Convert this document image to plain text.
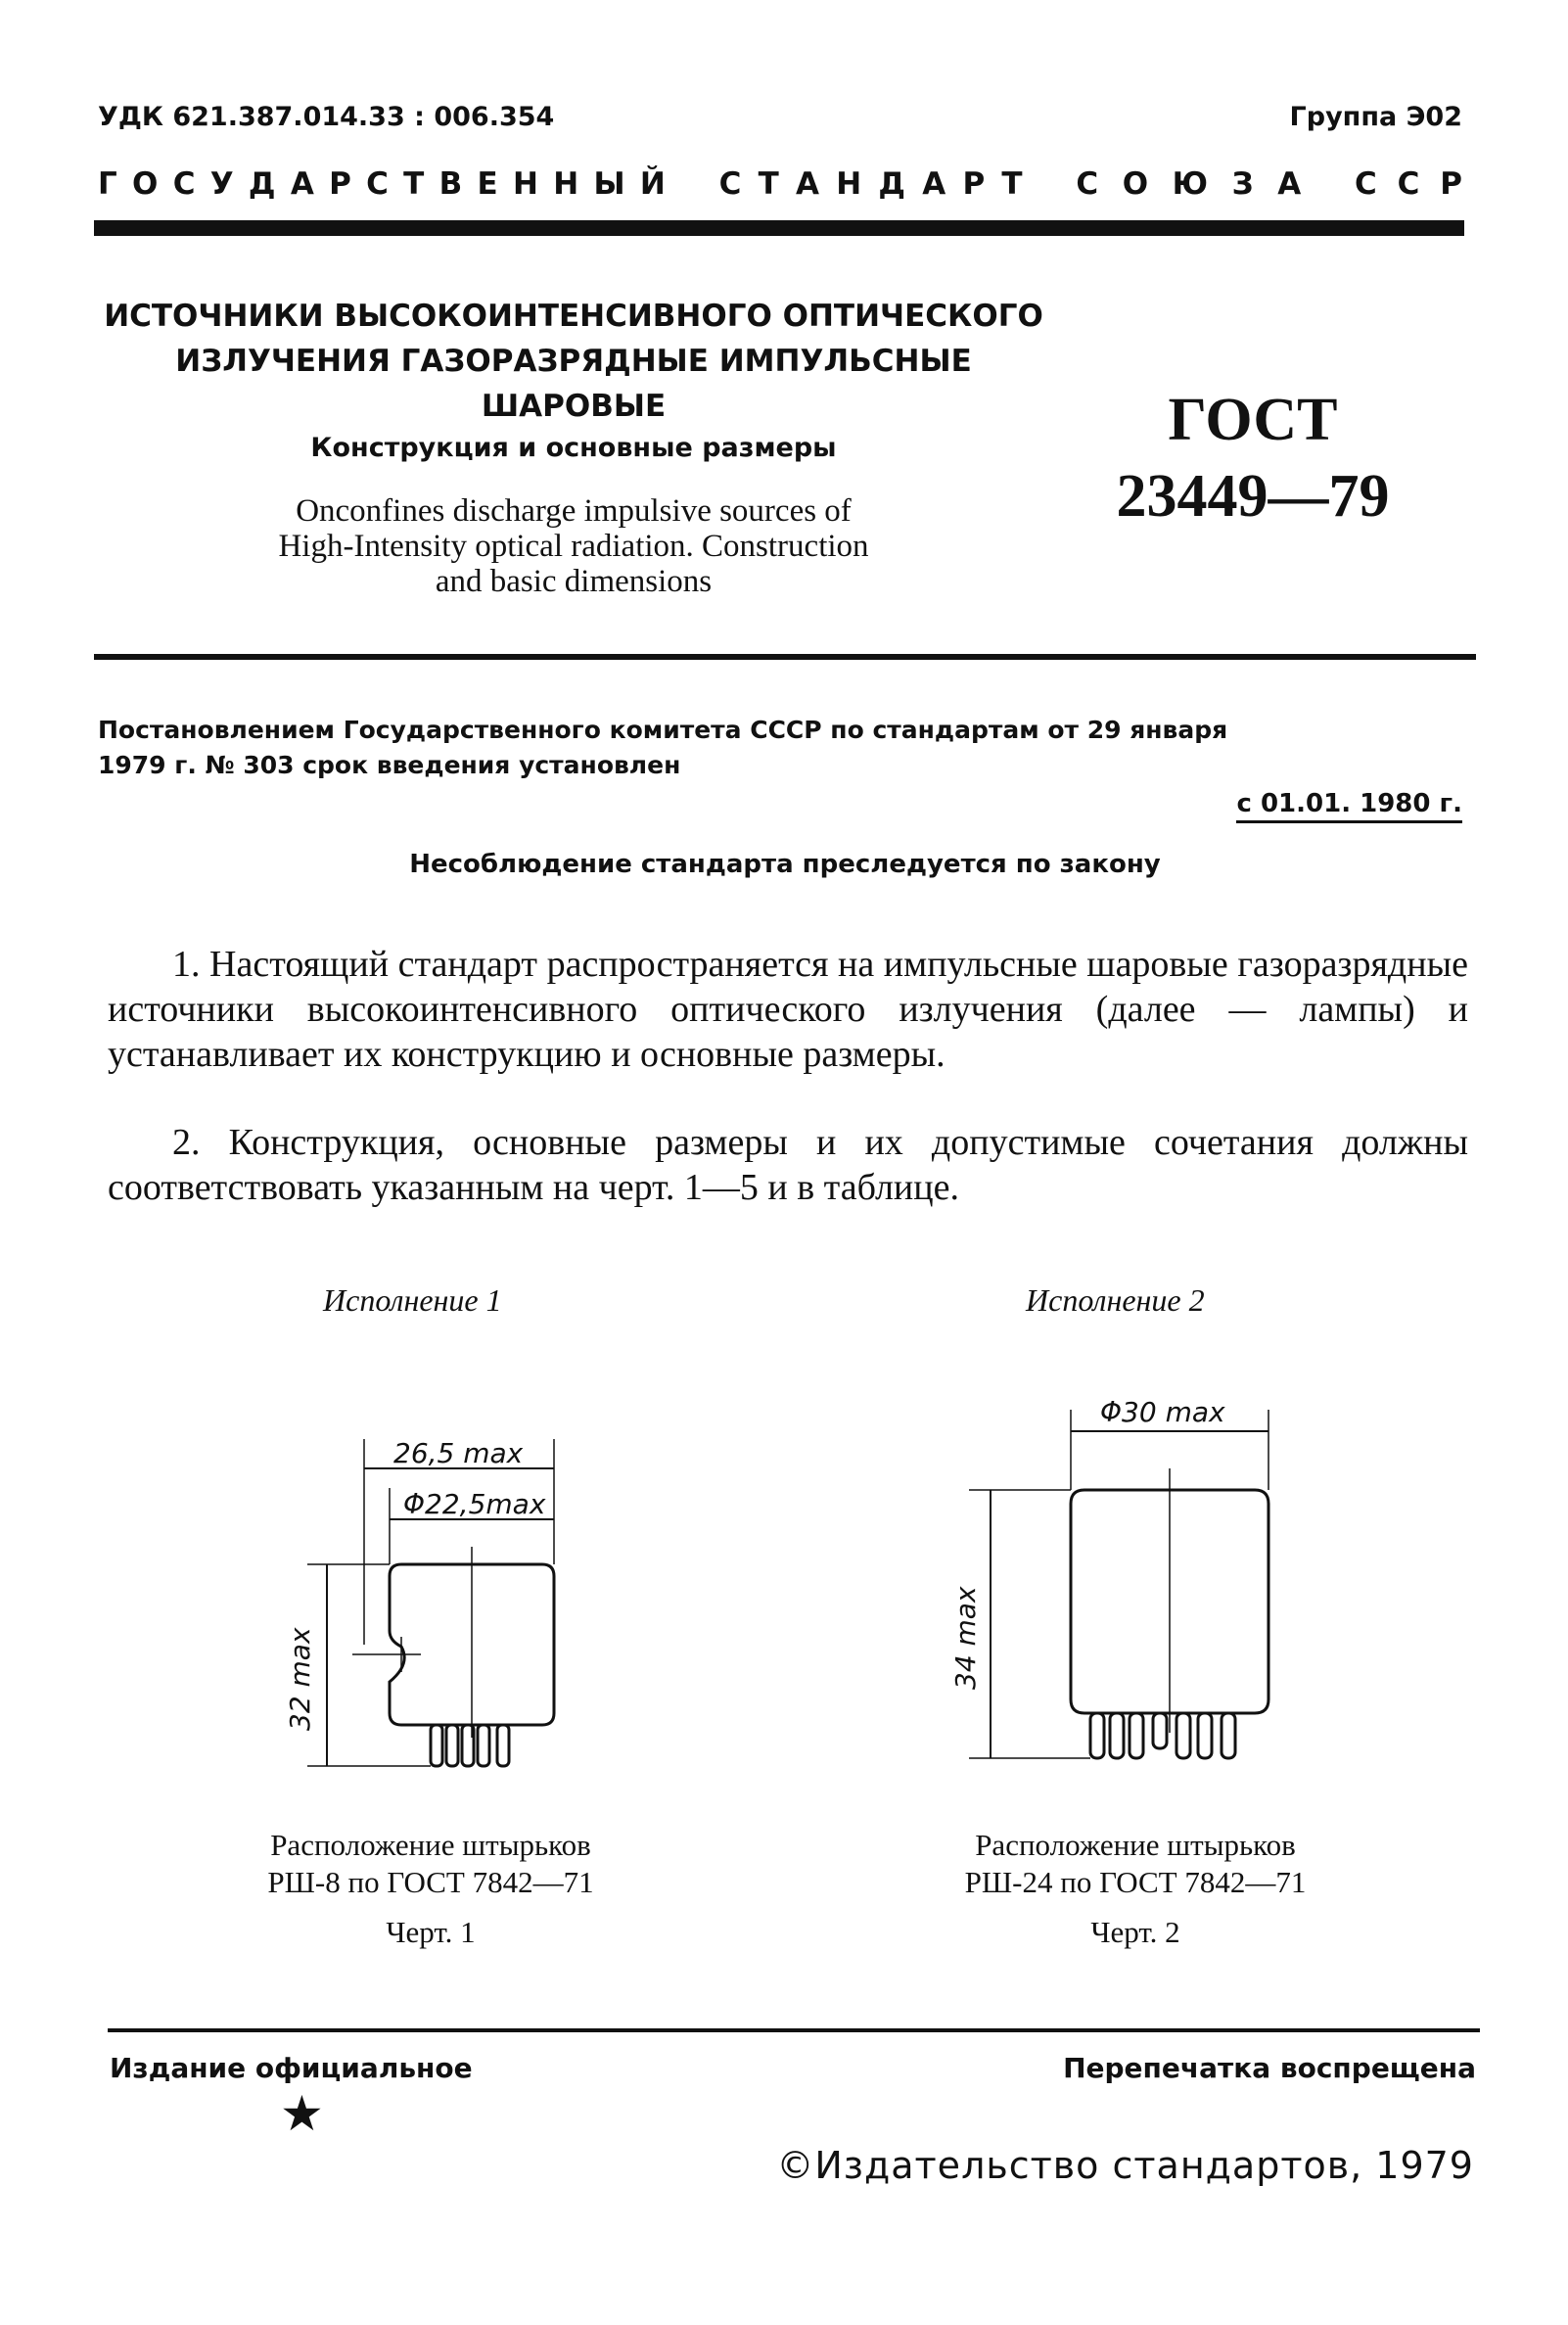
УДК 621.387.014.33 : 006.354	Группа Э02
Г О С У Д А Р С Т В Е Н Н Ы Й С Т А Н Д А Р Т С О Ю З А С С Р
ИСТОЧНИКИ ВЫСОКОИНТЕНСИВНОГО ОПТИЧЕСКОГО
ИЗЛУЧЕНИЯ ГАЗОРАЗРЯДНЫЕ ИМПУЛЬСНЫЕ
ШАРОВЫЕ
Конструкция и основные размеры
Onconfines discharge impulsive sources of
High-Intensity optical radiation. Construction
and basic dimensions
ГОСТ
23449—79
Постановлением Государственного комитета СССР по стандартам от 29 января
1979 г. № 303 срок введения установлен
с 01.01. 1980 г.
Несоблюдение стандарта преследуется по закону
1. Настоящий стандарт распространяется на импульсные шаровые газоразрядные источники высокоинтенсивного оптического излучения (далее — лампы) и устанавливает их конструкцию и основные размеры.
2. Конструкция, основные размеры и их допустимые сочетания должны соответствовать указанным на черт. 1—5 и в таблице.
Исполнение 1	Исполнение 2
26,5 max
Φ22,5max
32 max
Φ30 max
34 max
Расположение штырьков
РШ-8 по ГОСТ 7842—71
Черт. 1
Расположение штырьков
РШ-24 по ГОСТ 7842—71
Черт. 2
Издание официальное	Перепечатка воспрещена
★
©Издательство стандартов, 1979
